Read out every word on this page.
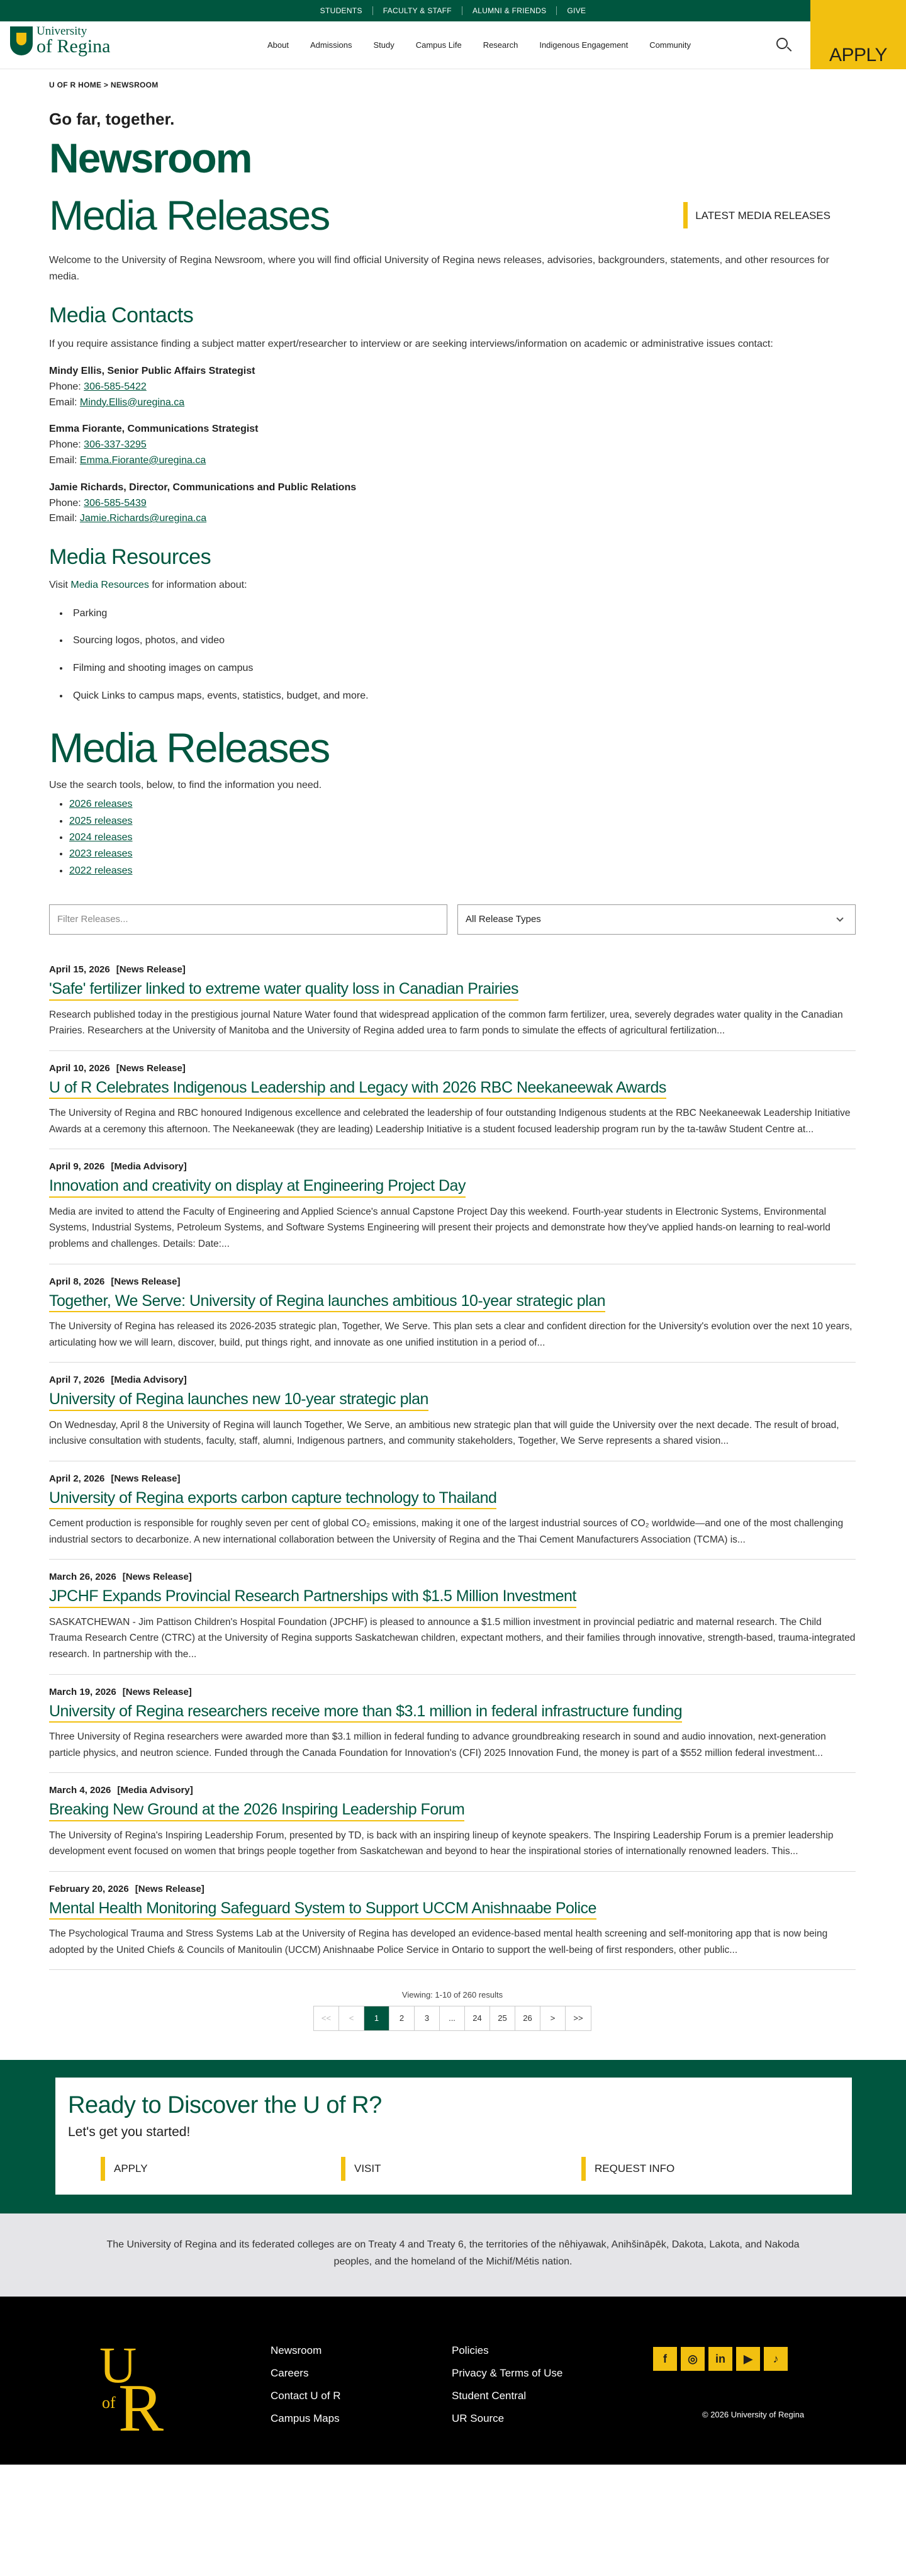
STUDENTS	FACULTY & STAFF	ALUMNI & FRIENDS	GIVE
University
of Regina	About	Admissions	Study	Campus Life	Research	Indigenous Engagement	Community	APPLY
U OF R HOME > NEWSROOM
Go far, together.
Newsroom
Media Releases	LATEST MEDIA RELEASES

Welcome to the University of Regina Newsroom, where you will find official University of Regina news releases, advisories, backgrounders, statements, and other resources for media.

Media Contacts

If you require assistance finding a subject matter expert/researcher to interview or are seeking interviews/information on academic or administrative issues contact:

Mindy Ellis, Senior Public Affairs Strategist
Phone: 306-585-5422
Email: Mindy.Ellis@uregina.ca
Emma Fiorante, Communications Strategist
Phone: 306-337-3295
Email: Emma.Fiorante@uregina.ca
Jamie Richards, Director, Communications and Public Relations
Phone: 306-585-5439
Email: Jamie.Richards@uregina.ca
Media Resources

Visit Media Resources for information about:

• Parking
• Sourcing logos, photos, and video
• Filming and shooting images on campus
• Quick Links to campus maps, events, statistics, budget, and more.
Media Releases

Use the search tools, below, to find the information you need.

• 2026 releases
• 2025 releases
• 2024 releases
• 2023 releases
• 2022 releases
Filter Releases...	All Release Types
April 15, 2026 [News Release]
'Safe' fertilizer linked to extreme water quality loss in Canadian Prairies
Research published today in the prestigious journal Nature Water found that widespread application of the common farm fertilizer, urea, severely degrades water quality in the Canadian Prairies. Researchers at the University of Manitoba and the University of Regina added urea to farm ponds to simulate the effects of agricultural fertilization...
April 10, 2026 [News Release]
U of R Celebrates Indigenous Leadership and Legacy with 2026 RBC Neekaneewak Awards
The University of Regina and RBC honoured Indigenous excellence and celebrated the leadership of four outstanding Indigenous students at the RBC Neekaneewak Leadership Initiative Awards at a ceremony this afternoon. The Neekaneewak (they are leading) Leadership Initiative is a student focused leadership program run by the ta-tawâw Student Centre at...
April 9, 2026 [Media Advisory]
Innovation and creativity on display at Engineering Project Day
Media are invited to attend the Faculty of Engineering and Applied Science's annual Capstone Project Day this weekend. Fourth-year students in Electronic Systems, Environmental Systems, Industrial Systems, Petroleum Systems, and Software Systems Engineering will present their projects and demonstrate how they've applied hands-on learning to real-world problems and challenges. Details: Date:...
April 8, 2026 [News Release]
Together, We Serve: University of Regina launches ambitious 10-year strategic plan
The University of Regina has released its 2026-2035 strategic plan, Together, We Serve. This plan sets a clear and confident direction for the University's evolution over the next 10 years, articulating how we will learn, discover, build, put things right, and innovate as one unified institution in a period of...
April 7, 2026 [Media Advisory]
University of Regina launches new 10-year strategic plan
On Wednesday, April 8 the University of Regina will launch Together, We Serve, an ambitious new strategic plan that will guide the University over the next decade. The result of broad, inclusive consultation with students, faculty, staff, alumni, Indigenous partners, and community stakeholders, Together, We Serve represents a shared vision...
April 2, 2026 [News Release]
University of Regina exports carbon capture technology to Thailand
Cement production is responsible for roughly seven per cent of global CO₂ emissions, making it one of the largest industrial sources of CO₂ worldwide—and one of the most challenging industrial sectors to decarbonize. A new international collaboration between the University of Regina and the Thai Cement Manufacturers Association (TCMA) is...
March 26, 2026 [News Release]
JPCHF Expands Provincial Research Partnerships with $1.5 Million Investment
SASKATCHEWAN - Jim Pattison Children's Hospital Foundation (JPCHF) is pleased to announce a $1.5 million investment in provincial pediatric and maternal research. The Child Trauma Research Centre (CTRC) at the University of Regina supports Saskatchewan children, expectant mothers, and their families through innovative, strength-based, trauma-integrated research. In partnership with the...
March 19, 2026 [News Release]
University of Regina researchers receive more than $3.1 million in federal infrastructure funding
Three University of Regina researchers were awarded more than $3.1 million in federal funding to advance groundbreaking research in sound and audio innovation, next-generation particle physics, and neutron science. Funded through the Canada Foundation for Innovation's (CFI) 2025 Innovation Fund, the money is part of a $552 million federal investment...
March 4, 2026 [Media Advisory]
Breaking New Ground at the 2026 Inspiring Leadership Forum
The University of Regina's Inspiring Leadership Forum, presented by TD, is back with an inspiring lineup of keynote speakers. The Inspiring Leadership Forum is a premier leadership development event focused on women that brings people together from Saskatchewan and beyond to hear the inspirational stories of internationally renowned leaders. This...
February 20, 2026 [News Release]
Mental Health Monitoring Safeguard System to Support UCCM Anishnaabe Police
The Psychological Trauma and Stress Systems Lab at the University of Regina has developed an evidence-based mental health screening and self-monitoring app that is now being adopted by the United Chiefs & Councils of Manitoulin (UCCM) Anishnaabe Police Service in Ontario to support the well-being of first responders, other public...
Viewing: 1-10 of 260 results
<<	<	1	2	3	...	24	25	26	>	>>
Ready to Discover the U of R?
Let's get you started!
APPLY	VISIT	REQUEST INFO

The University of Regina and its federated colleges are on Treaty 4 and Treaty 6, the territories of the nêhiyawak, Anihšināpēk, Dakota, Lakota, and Nakoda peoples, and the homeland of the Michif/Métis nation.

U
of R
Newsroom
Careers
Contact U of R
Campus Maps
Policies
Privacy & Terms of Use
Student Central
UR Source
f	◎	in	▶	♪
© 2026 University of Regina
